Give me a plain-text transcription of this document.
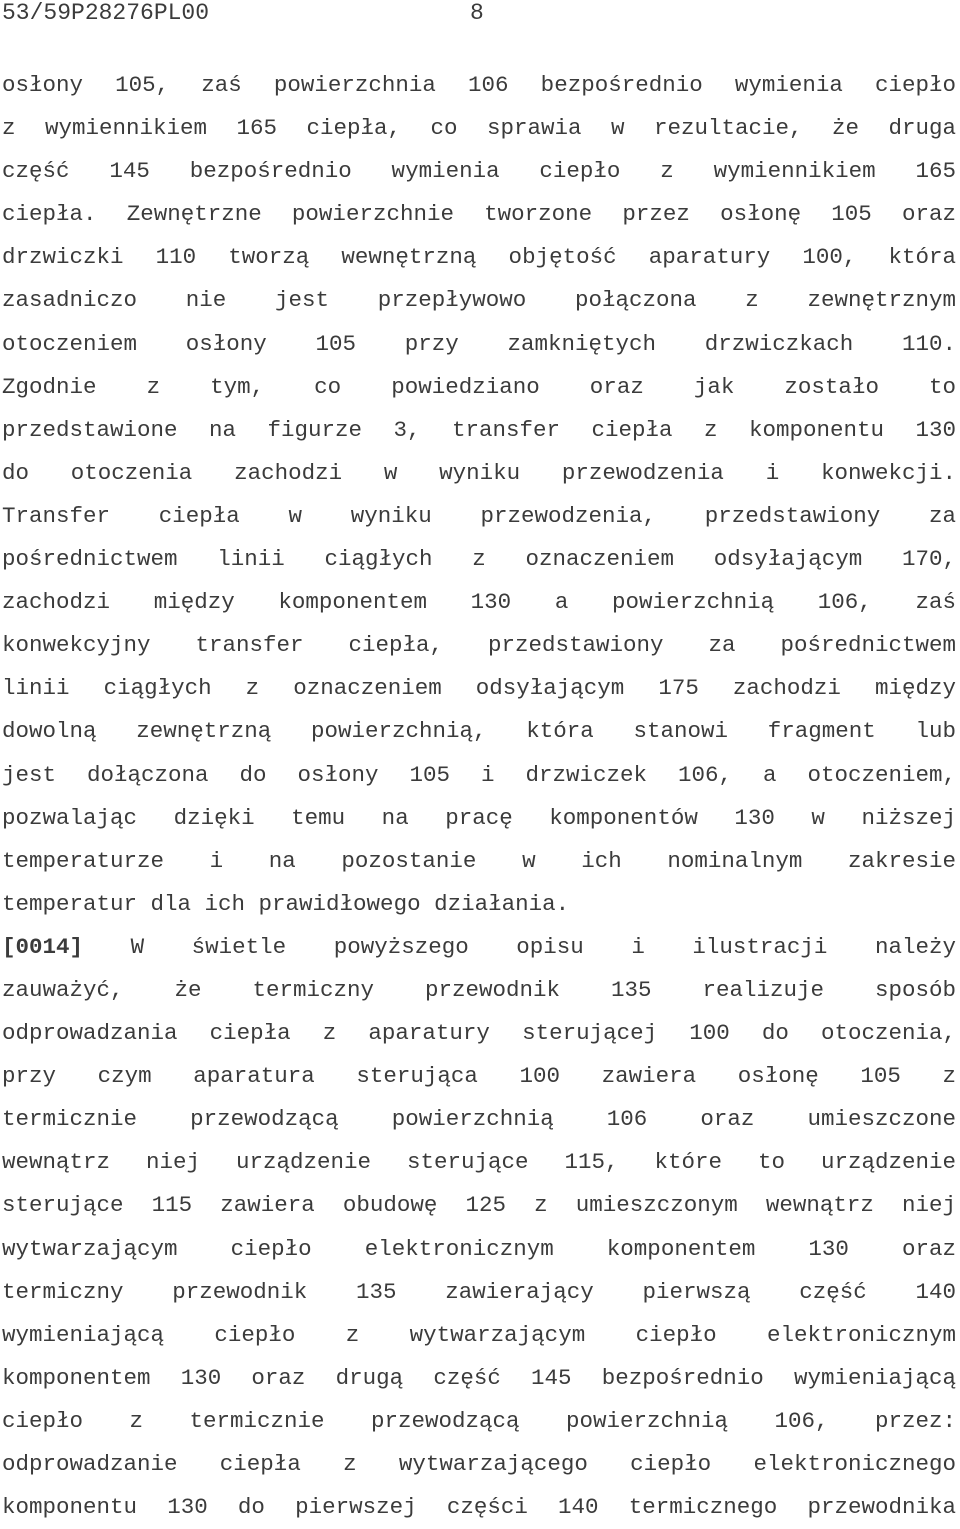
53/59P28276PL00	8
osłony 105, zaś powierzchnia 106 bezpośrednio wymienia ciepło
z wymiennikiem 165 ciepła, co sprawia w rezultacie, że druga
część 145 bezpośrednio wymienia ciepło z wymiennikiem 165
ciepła. Zewnętrzne powierzchnie tworzone przez osłonę 105 oraz
drzwiczki 110 tworzą wewnętrzną objętość aparatury 100, która
zasadniczo nie jest przepływowo połączona z zewnętrznym
otoczeniem osłony 105 przy zamkniętych drzwiczkach 110.
Zgodnie z tym, co powiedziano oraz jak zostało to
przedstawione na figurze 3, transfer ciepła z komponentu 130
do otoczenia zachodzi w wyniku przewodzenia i konwekcji.
Transfer ciepła w wyniku przewodzenia, przedstawiony za
pośrednictwem linii ciągłych z oznaczeniem odsyłającym 170,
zachodzi między komponentem 130 a powierzchnią 106, zaś
konwekcyjny transfer ciepła, przedstawiony za pośrednictwem
linii ciągłych z oznaczeniem odsyłającym 175 zachodzi między
dowolną zewnętrzną powierzchnią, która stanowi fragment lub
jest dołączona do osłony 105 i drzwiczek 106, a otoczeniem,
pozwalając dzięki temu na pracę komponentów 130 w niższej
temperaturze i na pozostanie w ich nominalnym zakresie
temperatur dla ich prawidłowego działania.
[0014] W świetle powyższego opisu i ilustracji należy
zauważyć, że termiczny przewodnik 135 realizuje sposób
odprowadzania ciepła z aparatury sterującej 100 do otoczenia,
przy czym aparatura sterująca 100 zawiera osłonę 105 z
termicznie przewodzącą powierzchnią 106 oraz umieszczone
wewnątrz niej urządzenie sterujące 115, które to urządzenie
sterujące 115 zawiera obudowę 125 z umieszczonym wewnątrz niej
wytwarzającym ciepło elektronicznym komponentem 130 oraz
termiczny przewodnik 135 zawierający pierwszą część 140
wymieniającą ciepło z wytwarzającym ciepło elektronicznym
komponentem 130 oraz drugą część 145 bezpośrednio wymieniającą
ciepło z termicznie przewodzącą powierzchnią 106, przez:
odprowadzanie ciepła z wytwarzającego ciepło elektronicznego
komponentu 130 do pierwszej części 140 termicznego przewodnika
